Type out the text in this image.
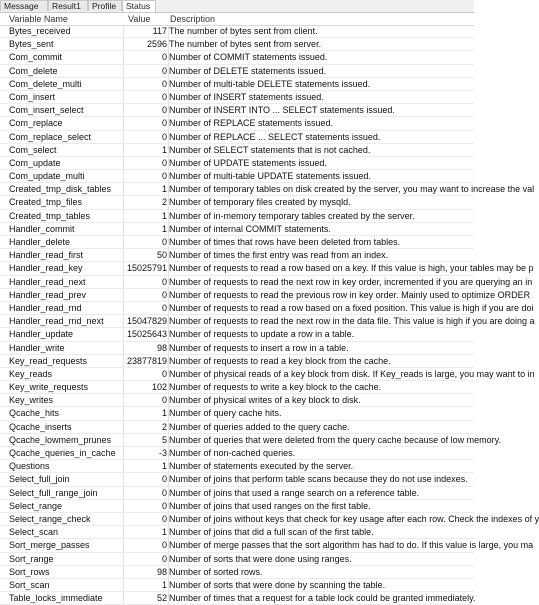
Message	Result1	Profile	Status
Variable Name	Value Description
Bytes_received	117 The number of bytes sent from client.
Bytes_sent	2596 The number of bytes sent from server.
Com_commit	0 Number of COMMIT statements issued.
Com_delete	0 Number of DELETE statements issued.
Com_delete_multi	0 Number of multi-table DELETE statements issued.
Com_insert	0 Number of INSERT statements issued.
Com_insert_select	0 Number of INSERT INTO ... SELECT statements issued.
Com_replace	0 Number of REPLACE statements issued.
Com_replace_select	0 Number of REPLACE ... SELECT statements issued.
Com_select	1 Number of SELECT statements that is not cached.
Com_update	0 Number of UPDATE statements issued.
Com_update_multi	0 Number of multi-table UPDATE statements issued.
Created_tmp_disk_tables	1 Number of temporary tables on disk created by the server, you may want to increase the val
Created_tmp_files	2 Number of temporary files created by mysqld.
Created_tmp_tables	1 Number of in-memory temporary tables created by the server.
Handler_commit	1 Number of internal COMMIT statements.
Handler_delete	0 Number of times that rows have been deleted from tables.
Handler_read_first	50 Number of times the first entry was read from an index.
Handler_read_key	15025791 Number of requests to read a row based on a key. If this value is high, your tables may be p
Handler_read_next	0 Number of requests to read the next row in key order, incremented if you are querying an in
Handler_read_prev	0 Number of requests to read the previous row in key order. Mainly used to optimize ORDER
Handler_read_rnd	0 Number of requests to read a row based on a fixed position. This value is high if you are doi
Handler_read_rnd_next	15047829 Number of requests to read the next row in the data file. This value is high if you are doing a
Handler_update	15025643 Number of requests to update a row in a table.
Handler_write	98 Number of requests to insert a row in a table.
Key_read_requests	23877819 Number of requests to read a key block from the cache.
Key_reads	0 Number of physical reads of a key block from disk. If Key_reads is large, you may want to in
Key_write_requests	102 Number of requests to write a key block to the cache.
Key_writes	0 Number of physical writes of a key block to disk.
Qcache_hits	1 Number of query cache hits.
Qcache_inserts	2 Number of queries added to the query cache.
Qcache_lowmem_prunes	5 Number of queries that were deleted from the query cache because of low memory.
Qcache_queries_in_cache	-3 Number of non-cached queries.
Questions	1 Number of statements executed by the server.
Select_full_join	0 Number of joins that perform table scans because they do not use indexes.
Select_full_range_join	0 Number of joins that used a range search on a reference table.
Select_range	0 Number of joins that used ranges on the first table.
Select_range_check	0 Number of joins without keys that check for key usage after each row. Check the indexes of y
Select_scan	1 Number of joins that did a full scan of the first table.
Sort_merge_passes	0 Number of merge passes that the sort algorithm has had to do. If this value is large, you ma
Sort_range	0 Number of sorts that were done using ranges.
Sort_rows	98 Number of sorted rows.
Sort_scan	1 Number of sorts that were done by scanning the table.
Table_locks_immediate	52 Number of times that a request for a table lock could be granted immediately.
